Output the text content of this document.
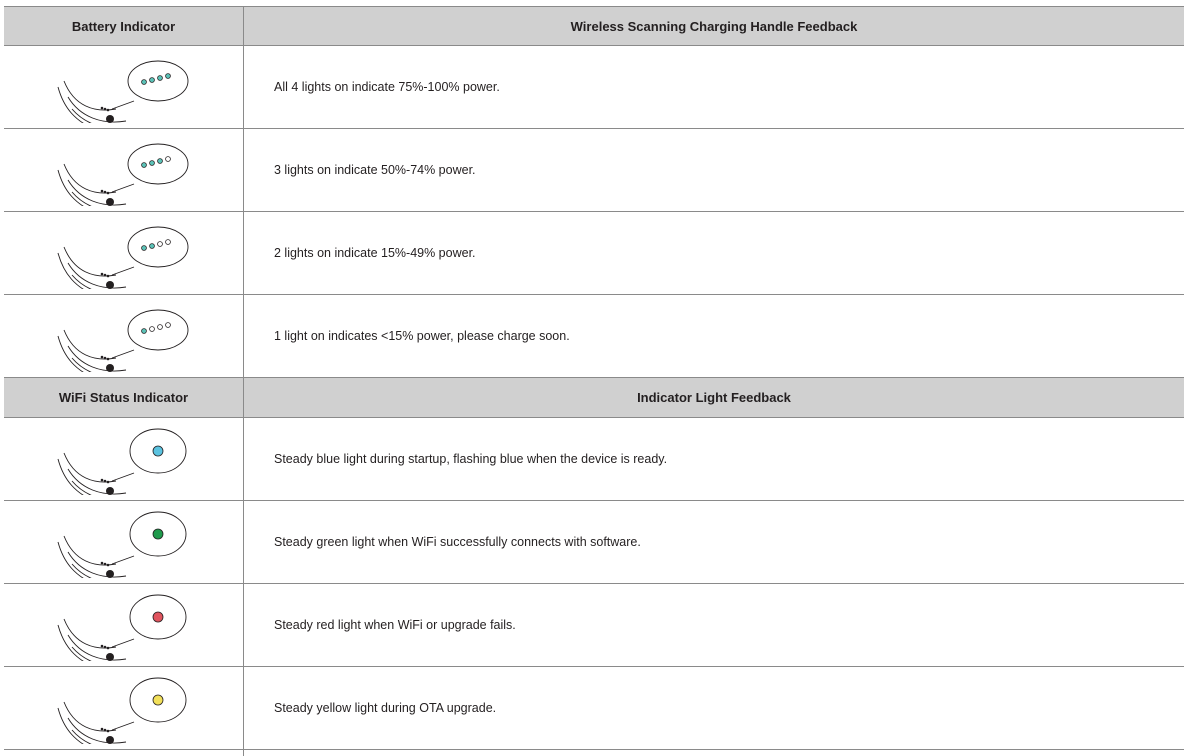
Battery Indicator	Wireless Scanning Charging Handle Feedback
All 4 lights on indicate 75%-100% power.
3 lights on indicate 50%-74% power.
2 lights on indicate 15%-49% power.
1 light on indicates <15% power, please charge soon.
WiFi Status Indicator	Indicator Light Feedback
Steady blue light during startup, flashing blue when the device is ready.
Steady green light when WiFi successfully connects with software.
Steady red light when WiFi or upgrade fails.
Steady yellow light during OTA upgrade.
